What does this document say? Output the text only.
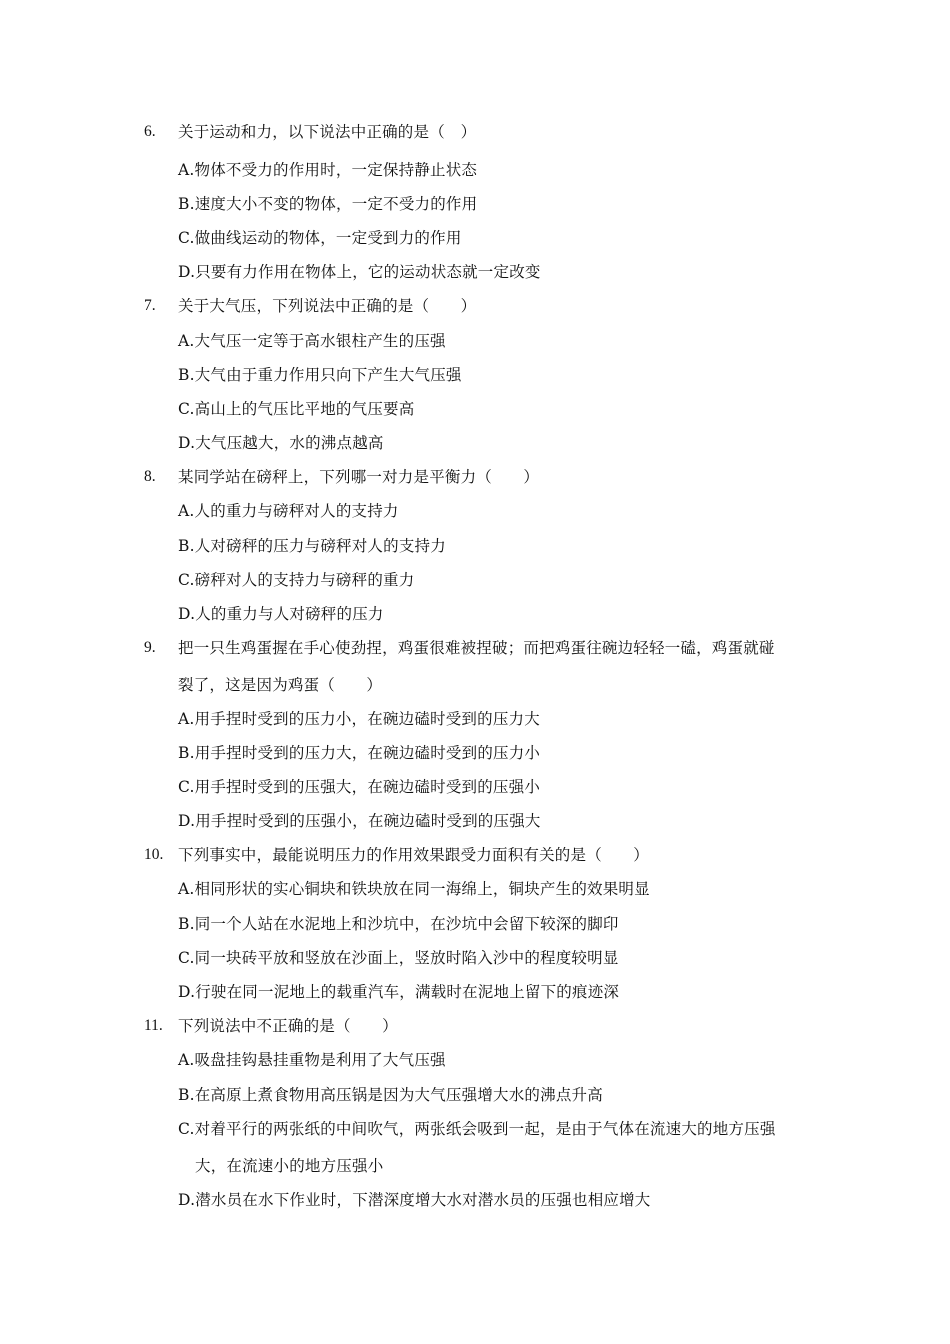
6. 关于运动和力，以下说法中正确的是（　）
A.物体不受力的作用时，一定保持静止状态
B.速度大小不变的物体，一定不受力的作用
C.做曲线运动的物体，一定受到力的作用
D.只要有力作用在物体上，它的运动状态就一定改变
7. 关于大气压，下列说法中正确的是（　　）
A.大气压一定等于高水银柱产生的压强
B.大气由于重力作用只向下产生大气压强
C.高山上的气压比平地的气压要高
D.大气压越大，水的沸点越高
8. 某同学站在磅秤上，下列哪一对力是平衡力（　　）
A.人的重力与磅秤对人的支持力
B.人对磅秤的压力与磅秤对人的支持力
C.磅秤对人的支持力与磅秤的重力
D.人的重力与人对磅秤的压力
9. 把一只生鸡蛋握在手心使劲捏，鸡蛋很难被捏破；而把鸡蛋往碗边轻轻一磕，鸡蛋就碰
裂了，这是因为鸡蛋（　　）
A.用手捏时受到的压力小，在碗边磕时受到的压力大
B.用手捏时受到的压力大，在碗边磕时受到的压力小
C.用手捏时受到的压强大，在碗边磕时受到的压强小
D.用手捏时受到的压强小，在碗边磕时受到的压强大
10. 下列事实中，最能说明压力的作用效果跟受力面积有关的是（　　）
A.相同形状的实心铜块和铁块放在同一海绵上，铜块产生的效果明显
B.同一个人站在水泥地上和沙坑中，在沙坑中会留下较深的脚印
C.同一块砖平放和竖放在沙面上，竖放时陷入沙中的程度较明显
D.行驶在同一泥地上的载重汽车，满载时在泥地上留下的痕迹深
11. 下列说法中不正确的是（　　）
A.吸盘挂钩悬挂重物是利用了大气压强
B.在高原上煮食物用高压锅是因为大气压强增大水的沸点升高
C.对着平行的两张纸的中间吹气，两张纸会吸到一起，是由于气体在流速大的地方压强
大，在流速小的地方压强小
D.潜水员在水下作业时，下潜深度增大水对潜水员的压强也相应增大
